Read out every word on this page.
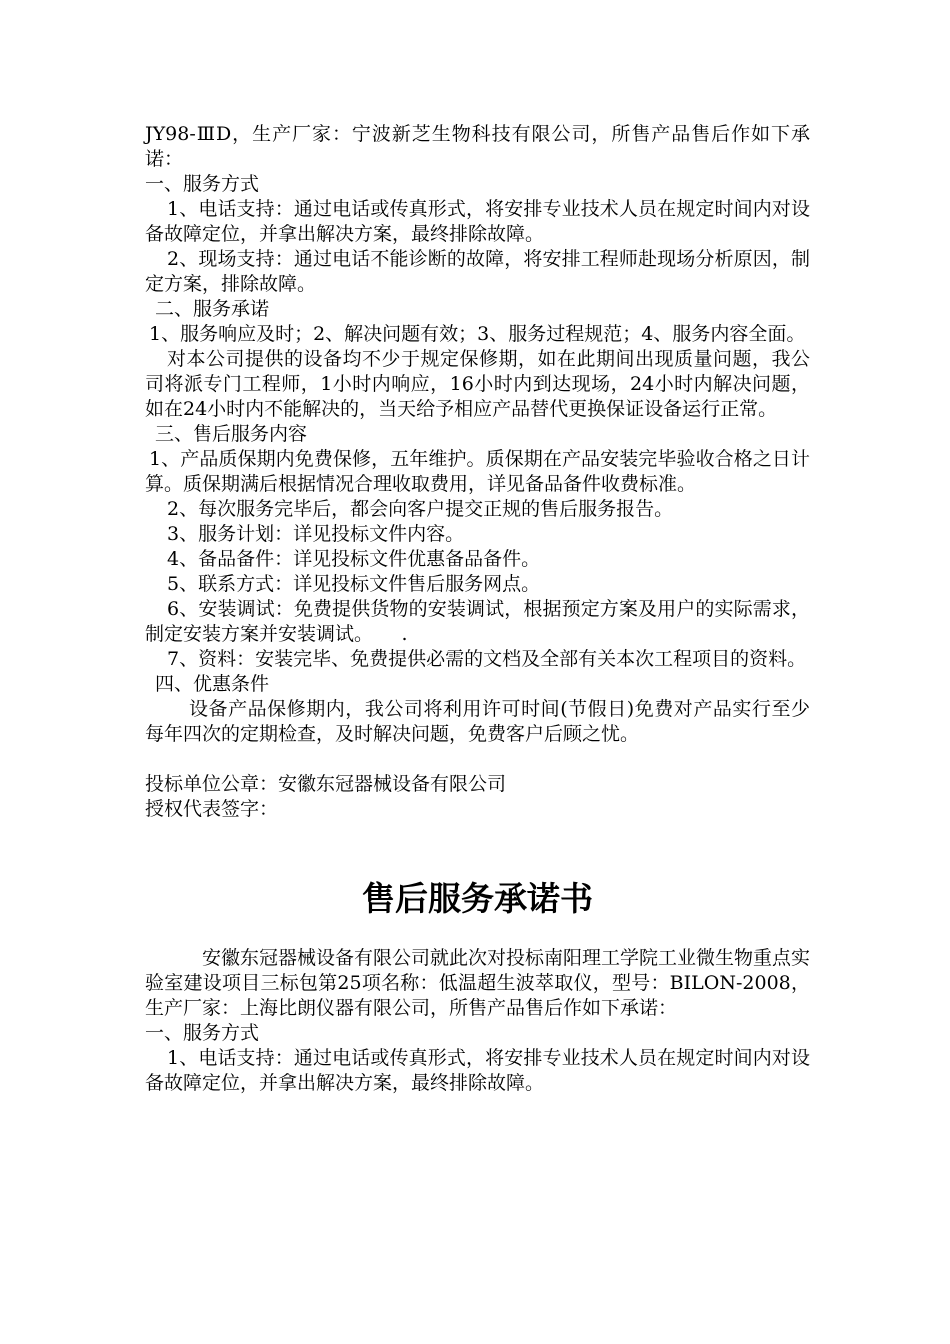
JY98-ⅢD，生产厂家：宁波新芝生物科技有限公司，所售产品售后作如下承诺：

一、服务方式

1、电话支持：通过电话或传真形式，将安排专业技术人员在规定时间内对设备故障定位，并拿出解决方案，最终排除故障。

2、现场支持：通过电话不能诊断的故障，将安排工程师赴现场分析原因，制定方案，排除故障。

二、服务承诺

1、服务响应及时；2、解决问题有效；3、服务过程规范；4、服务内容全面。

对本公司提供的设备均不少于规定保修期，如在此期间出现质量问题，我公司将派专门工程师，1小时内响应，16小时内到达现场，24小时内解决问题，如在24小时内不能解决的，当天给予相应产品替代更换保证设备运行正常。

三、售后服务内容

1、产品质保期内免费保修，五年维护。质保期在产品安装完毕验收合格之日计算。质保期满后根据情况合理收取费用，详见备品备件收费标准。

2、每次服务完毕后，都会向客户提交正规的售后服务报告。

3、服务计划：详见投标文件内容。

4、备品备件：详见投标文件优惠备品备件。

5、联系方式：详见投标文件售后服务网点。

6、安装调试：免费提供货物的安装调试，根据预定方案及用户的实际需求，制定安装方案并安装调试。　　.

7、资料：安装完毕、免费提供必需的文档及全部有关本次工程项目的资料。

四、优惠条件

设备产品保修期内，我公司将利用许可时间(节假日)免费对产品实行至少每年四次的定期检查，及时解决问题，免费客户后顾之忧。

投标单位公章：安徽东冠器械设备有限公司

授权代表签字：

售后服务承诺书

安徽东冠器械设备有限公司就此次对投标南阳理工学院工业微生物重点实验室建设项目三标包第25项名称：低温超生波萃取仪，型号：BILON-2008，生产厂家：上海比朗仪器有限公司，所售产品售后作如下承诺：

一、服务方式

1、电话支持：通过电话或传真形式，将安排专业技术人员在规定时间内对设备故障定位，并拿出解决方案，最终排除故障。
